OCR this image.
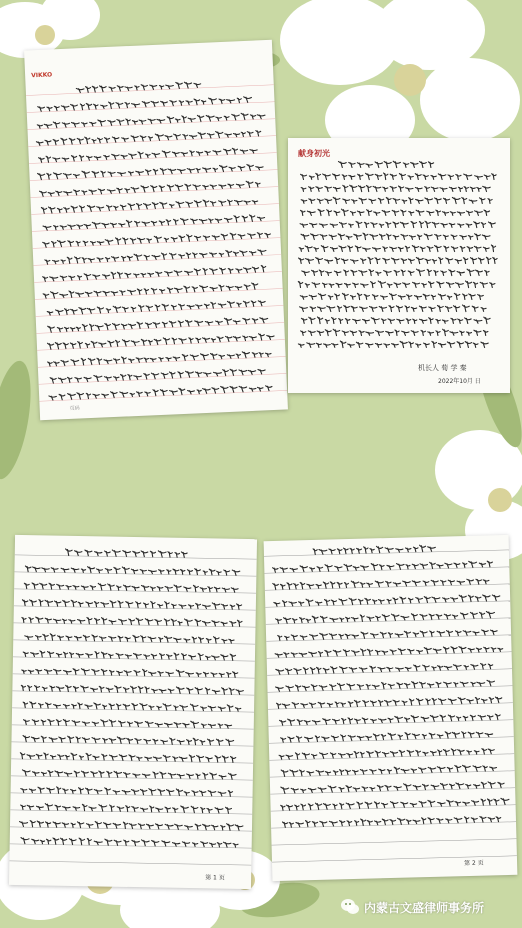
VIKKO
页码
献身初光
机长人 荀 学 秦
2022年10月 日
第 1 页
第 2 页
内蒙古文盛律师事务所
